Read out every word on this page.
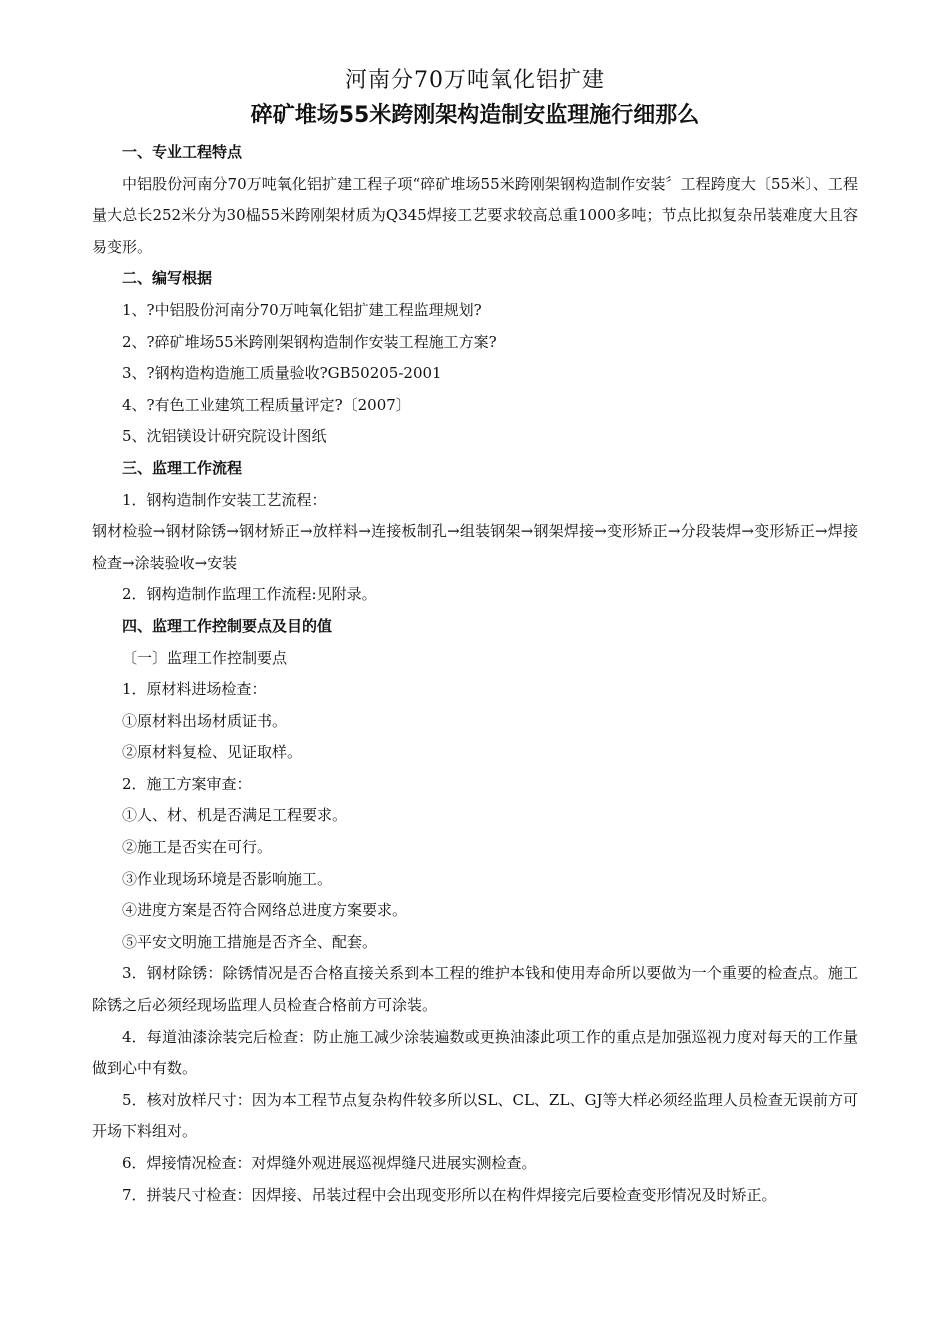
河南分70万吨氧化铝扩建
碎矿堆场55米跨刚架构造制安监理施行细那么

一、专业工程特点

中铝股份河南分70万吨氧化铝扩建工程子项“碎矿堆场55米跨刚架钢构造制作安装〞工程跨度大〔55米〕、工程量大总长252米分为30榀55米跨刚架材质为Q345焊接工艺要求较高总重1000多吨；节点比拟复杂吊装难度大且容易变形。

二、编写根据

1、?中铝股份河南分70万吨氧化铝扩建工程监理规划?

2、?碎矿堆场55米跨刚架钢构造制作安装工程施工方案?

3、?钢构造构造施工质量验收?GB50205-2001

4、?有色工业建筑工程质量评定?〔2007〕

5、沈铝镁设计研究院设计图纸

三、监理工作流程

1．钢构造制作安装工艺流程：

钢材检验→钢材除锈→钢材矫正→放样料→连接板制孔→组装钢架→钢架焊接→变形矫正→分段装焊→变形矫正→焊接检查→涂装验收→安装

2．钢构造制作监理工作流程:见附录。

四、监理工作控制要点及目的值

〔一〕监理工作控制要点

1．原材料进场检查：

①原材料出场材质证书。

②原材料复检、见证取样。

2．施工方案审查：

①人、材、机是否满足工程要求。

②施工是否实在可行。

③作业现场环境是否影响施工。

④进度方案是否符合网络总进度方案要求。

⑤平安文明施工措施是否齐全、配套。

3．钢材除锈：除锈情况是否合格直接关系到本工程的维护本钱和使用寿命所以要做为一个重要的检查点。施工除锈之后必须经现场监理人员检查合格前方可涂装。

4．每道油漆涂装完后检查：防止施工减少涂装遍数或更换油漆此项工作的重点是加强巡视力度对每天的工作量做到心中有数。

5．核对放样尺寸：因为本工程节点复杂构件较多所以SL、CL、ZL、GJ等大样必须经监理人员检查无误前方可开场下料组对。

6．焊接情况检查：对焊缝外观进展巡视焊缝尺进展实测检查。

7．拼装尺寸检查：因焊接、吊装过程中会出现变形所以在构件焊接完后要检查变形情况及时矫正。
